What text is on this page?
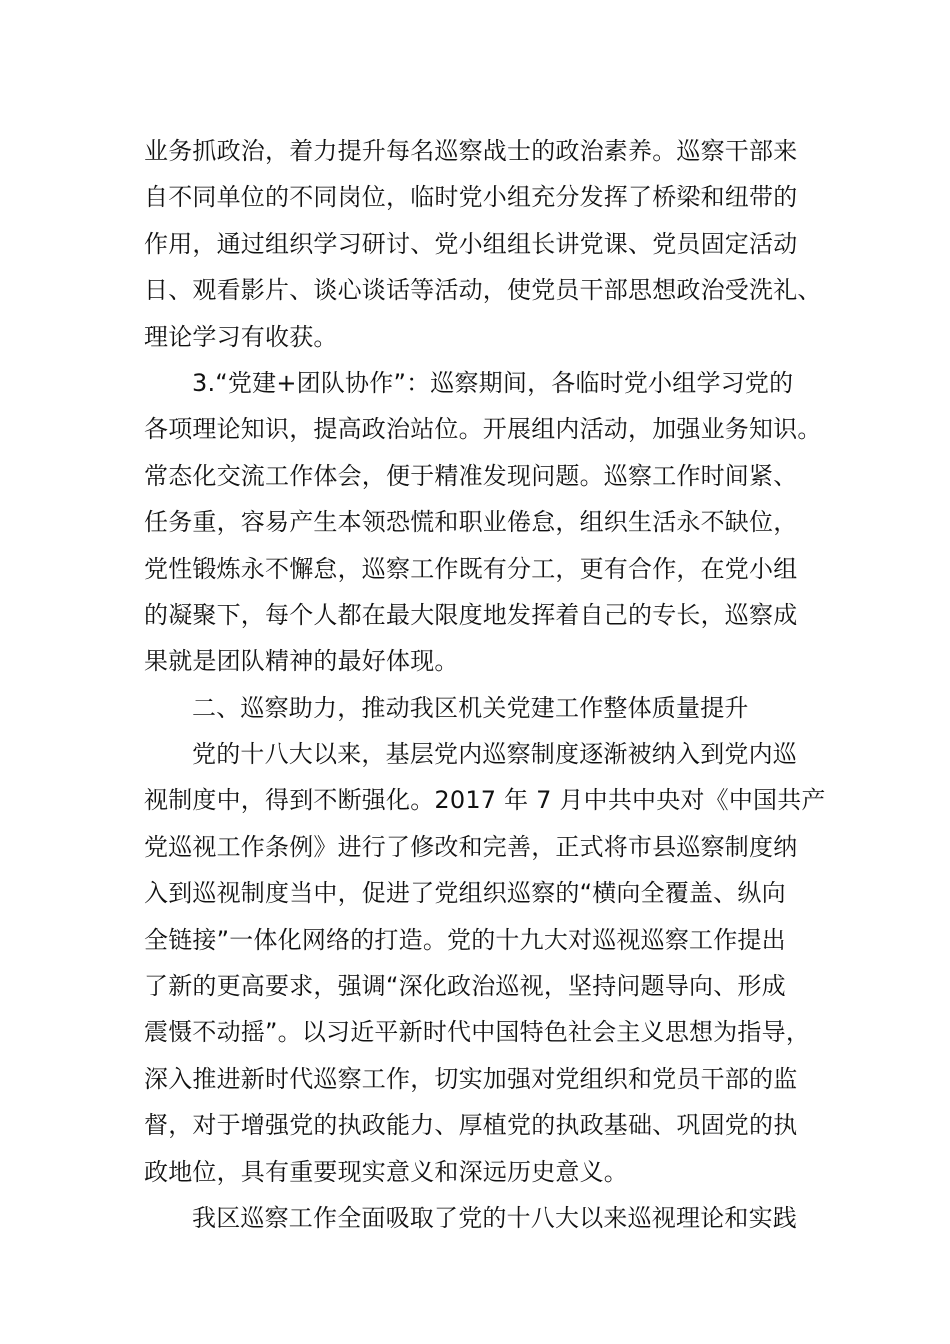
业务抓政治，着力提升每名巡察战士的政治素养。巡察干部来
自不同单位的不同岗位，临时党小组充分发挥了桥梁和纽带的
作用，通过组织学习研讨、党小组组长讲党课、党员固定活动
日、观看影片、谈心谈话等活动，使党员干部思想政治受洗礼、
理论学习有收获。
3.“党建+团队协作”：巡察期间，各临时党小组学习党的
各项理论知识，提高政治站位。开展组内活动，加强业务知识。
常态化交流工作体会，便于精准发现问题。巡察工作时间紧、
任务重，容易产生本领恐慌和职业倦怠，组织生活永不缺位，
党性锻炼永不懈怠，巡察工作既有分工，更有合作，在党小组
的凝聚下，每个人都在最大限度地发挥着自己的专长，巡察成
果就是团队精神的最好体现。
二、巡察助力，推动我区机关党建工作整体质量提升
党的十八大以来，基层党内巡察制度逐渐被纳入到党内巡
视制度中，得到不断强化。2017 年 7 月中共中央对《中国共产
党巡视工作条例》进行了修改和完善，正式将市县巡察制度纳
入到巡视制度当中，促进了党组织巡察的“横向全覆盖、纵向
全链接”一体化网络的打造。党的十九大对巡视巡察工作提出
了新的更高要求，强调“深化政治巡视，坚持问题导向、形成
震慑不动摇”。以习近平新时代中国特色社会主义思想为指导，
深入推进新时代巡察工作，切实加强对党组织和党员干部的监
督，对于增强党的执政能力、厚植党的执政基础、巩固党的执
政地位，具有重要现实意义和深远历史意义。
我区巡察工作全面吸取了党的十八大以来巡视理论和实践
